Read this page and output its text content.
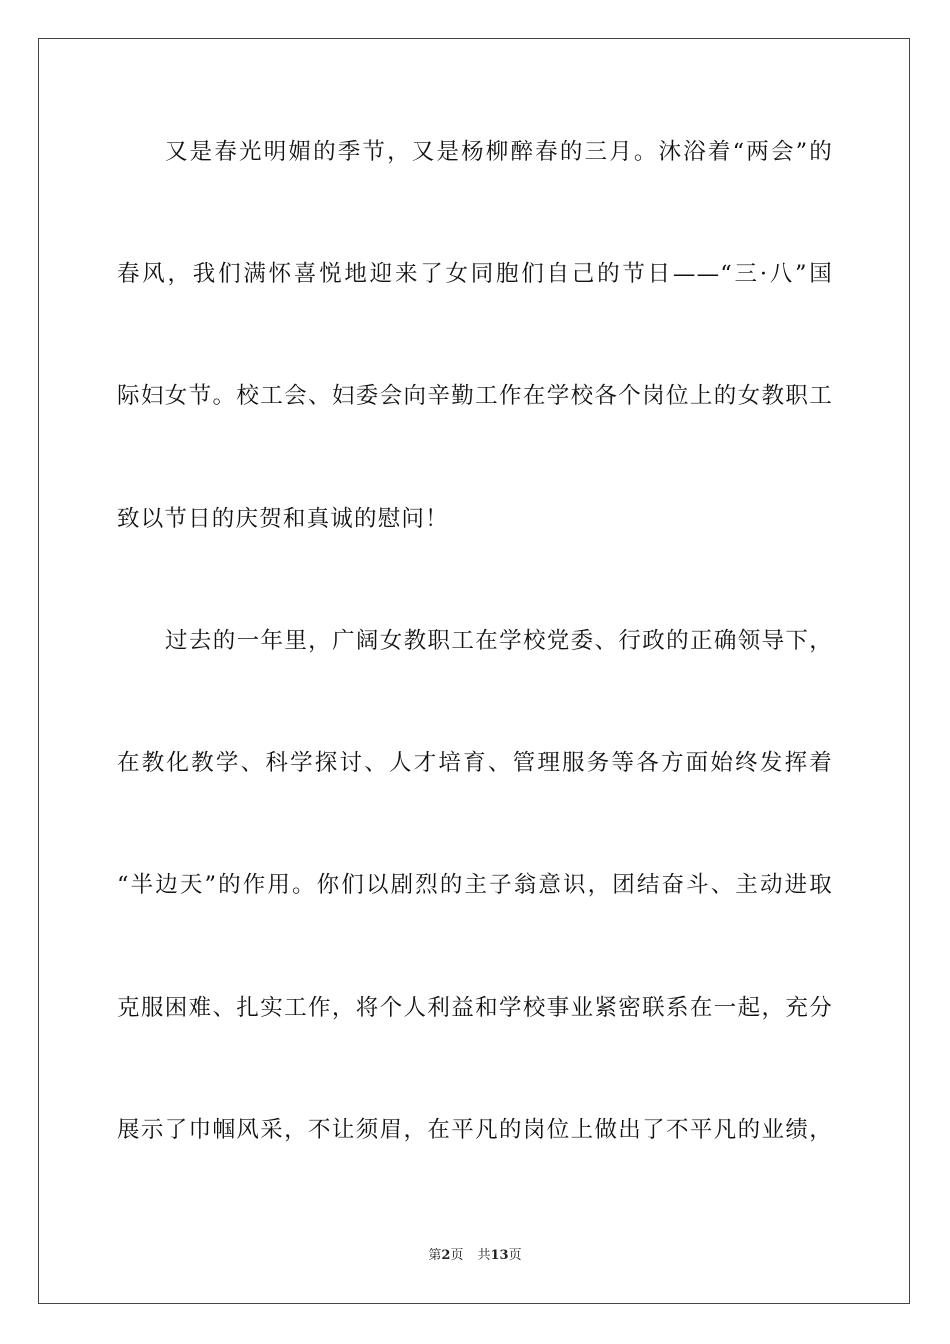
又是春光明媚的季节，又是杨柳醉春的三月。沐浴着“两会”的
春风，我们满怀喜悦地迎来了女同胞们自己的节日——“三·八”国
际妇女节。校工会、妇委会向辛勤工作在学校各个岗位上的女教职工
致以节日的庆贺和真诚的慰问！
过去的一年里，广阔女教职工在学校党委、行政的正确领导下，
在教化教学、科学探讨、人才培育、管理服务等各方面始终发挥着
“半边天”的作用。你们以剧烈的主子翁意识，团结奋斗、主动进取
克服困难、扎实工作，将个人利益和学校事业紧密联系在一起，充分
展示了巾帼风采，不让须眉，在平凡的岗位上做出了不平凡的业绩，
第2页 共13页
